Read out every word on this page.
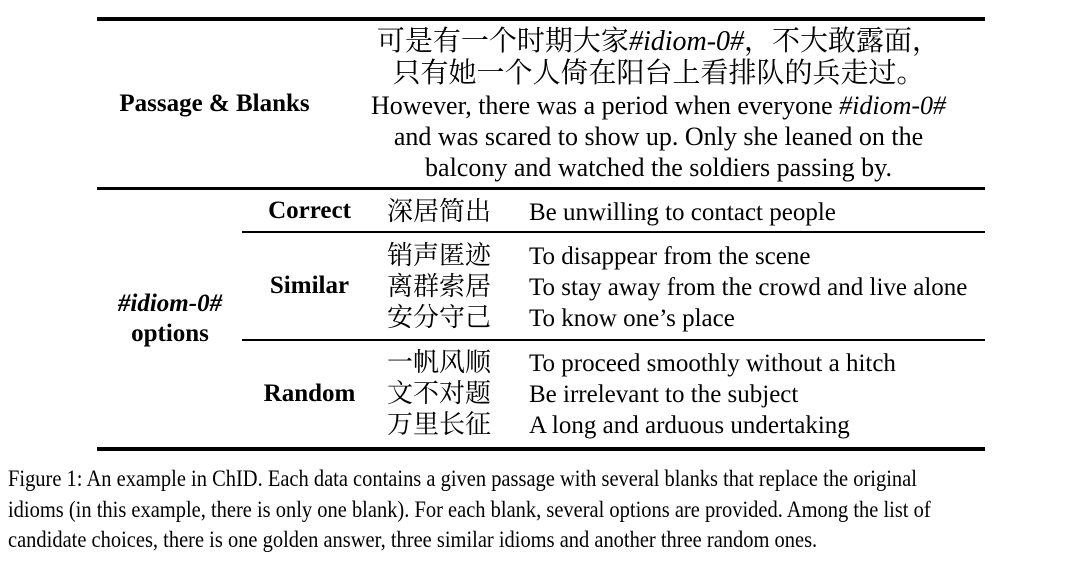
Passage & Blanks
可是有一个时期大家#idiom-0#，不大敢露面，
只有她一个人倚在阳台上看排队的兵走过。
However, there was a period when everyone #idiom-0#
and was scared to show up. Only she leaned on the
balcony and watched the soldiers passing by.
#idiom-0#
options
Correct	深居简出	Be unwilling to contact people
Similar
销声匿迹	To disappear from the scene
离群索居	To stay away from the crowd and live alone
安分守己	To know one’s place
Random
一帆风顺	To proceed smoothly without a hitch
文不对题	Be irrelevant to the subject
万里长征	A long and arduous undertaking
Figure 1: An example in ChID. Each data contains a given passage with several blanks that replace the original
idioms (in this example, there is only one blank). For each blank, several options are provided. Among the list of
candidate choices, there is one golden answer, three similar idioms and another three random ones.
